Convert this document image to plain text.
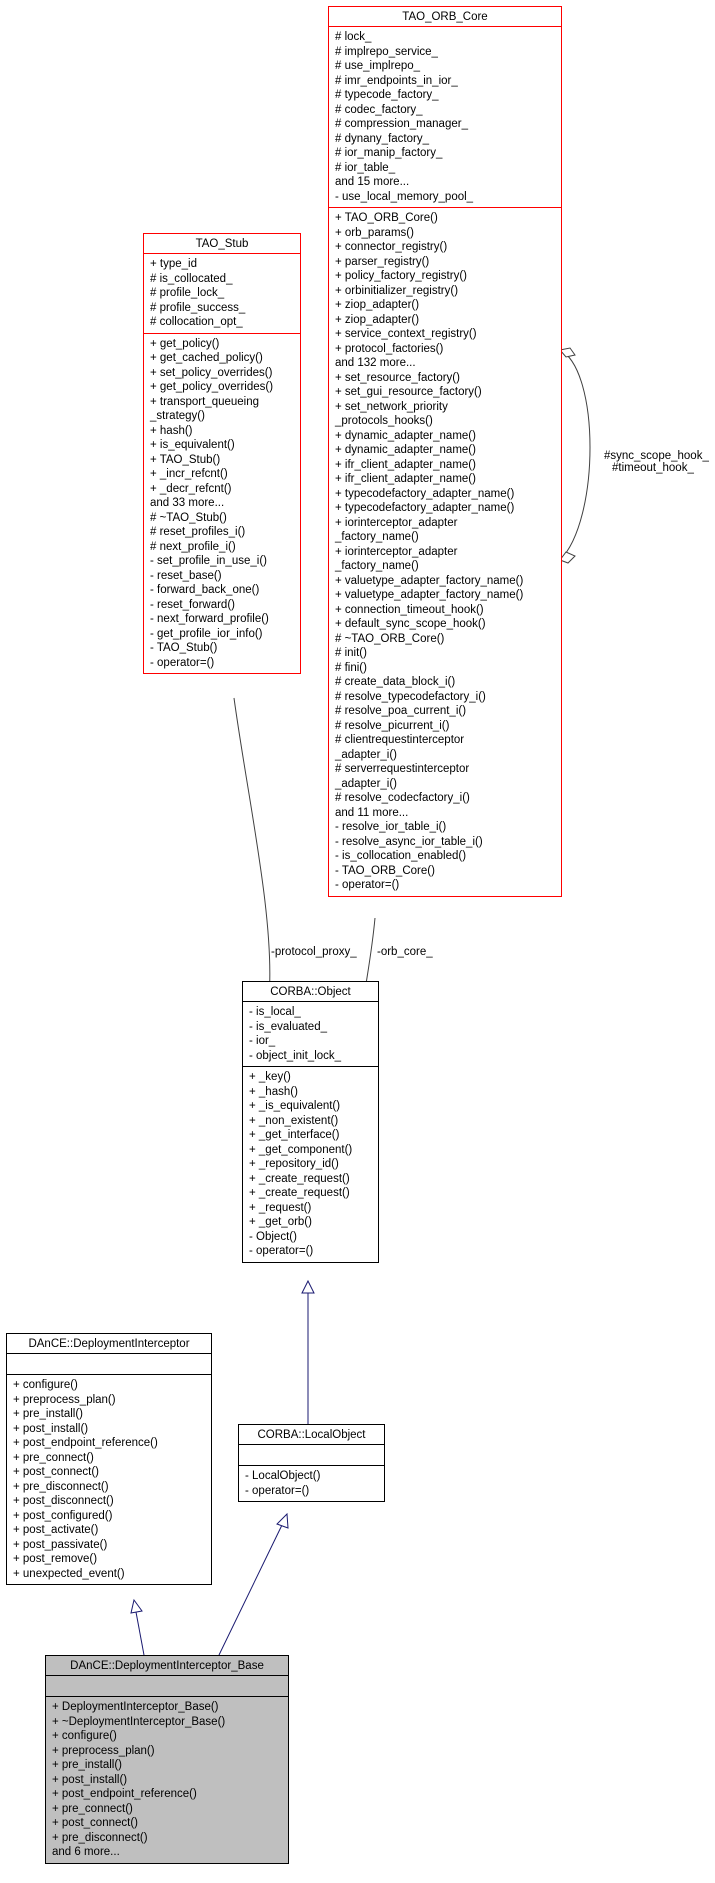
-protocol_proxy_ -orb_core_
#sync_scope_hook_
#timeout_hook_
TAO_ORB_Core
# lock_
# implrepo_service_
# use_implrepo_
# imr_endpoints_in_ior_
# typecode_factory_
# codec_factory_
# compression_manager_
# dynany_factory_
# ior_manip_factory_
# ior_table_
and 15 more...
- use_local_memory_pool_
+ TAO_ORB_Core()
+ orb_params()
+ connector_registry()
+ parser_registry()
+ policy_factory_registry()
+ orbinitializer_registry()
+ ziop_adapter()
+ ziop_adapter()
+ service_context_registry()
+ protocol_factories()
and 132 more...
+ set_resource_factory()
+ set_gui_resource_factory()
+ set_network_priority
_protocols_hooks()
+ dynamic_adapter_name()
+ dynamic_adapter_name()
+ ifr_client_adapter_name()
+ ifr_client_adapter_name()
+ typecodefactory_adapter_name()
+ typecodefactory_adapter_name()
+ iorinterceptor_adapter
_factory_name()
+ iorinterceptor_adapter
_factory_name()
+ valuetype_adapter_factory_name()
+ valuetype_adapter_factory_name()
+ connection_timeout_hook()
+ default_sync_scope_hook()
# ~TAO_ORB_Core()
# init()
# fini()
# create_data_block_i()
# resolve_typecodefactory_i()
# resolve_poa_current_i()
# resolve_picurrent_i()
# clientrequestinterceptor
_adapter_i()
# serverrequestinterceptor
_adapter_i()
# resolve_codecfactory_i()
and 11 more...
- resolve_ior_table_i()
- resolve_async_ior_table_i()
- is_collocation_enabled()
- TAO_ORB_Core()
- operator=()
TAO_Stub
+ type_id
# is_collocated_
# profile_lock_
# profile_success_
# collocation_opt_
+ get_policy()
+ get_cached_policy()
+ set_policy_overrides()
+ get_policy_overrides()
+ transport_queueing
_strategy()
+ hash()
+ is_equivalent()
+ TAO_Stub()
+ _incr_refcnt()
+ _decr_refcnt()
and 33 more...
# ~TAO_Stub()
# reset_profiles_i()
# next_profile_i()
- set_profile_in_use_i()
- reset_base()
- forward_back_one()
- reset_forward()
- next_forward_profile()
- get_profile_ior_info()
- TAO_Stub()
- operator=()
CORBA::Object
- is_local_
- is_evaluated_
- ior_
- object_init_lock_
+ _key()
+ _hash()
+ _is_equivalent()
+ _non_existent()
+ _get_interface()
+ _get_component()
+ _repository_id()
+ _create_request()
+ _create_request()
+ _request()
+ _get_orb()
- Object()
- operator=()
CORBA::LocalObject
- LocalObject()
- operator=()
DAnCE::DeploymentInterceptor
+ configure()
+ preprocess_plan()
+ pre_install()
+ post_install()
+ post_endpoint_reference()
+ pre_connect()
+ post_connect()
+ pre_disconnect()
+ post_disconnect()
+ post_configured()
+ post_activate()
+ post_passivate()
+ post_remove()
+ unexpected_event()
DAnCE::DeploymentInterceptor_Base
+ DeploymentInterceptor_Base()
+ ~DeploymentInterceptor_Base()
+ configure()
+ preprocess_plan()
+ pre_install()
+ post_install()
+ post_endpoint_reference()
+ pre_connect()
+ post_connect()
+ pre_disconnect()
and 6 more...
